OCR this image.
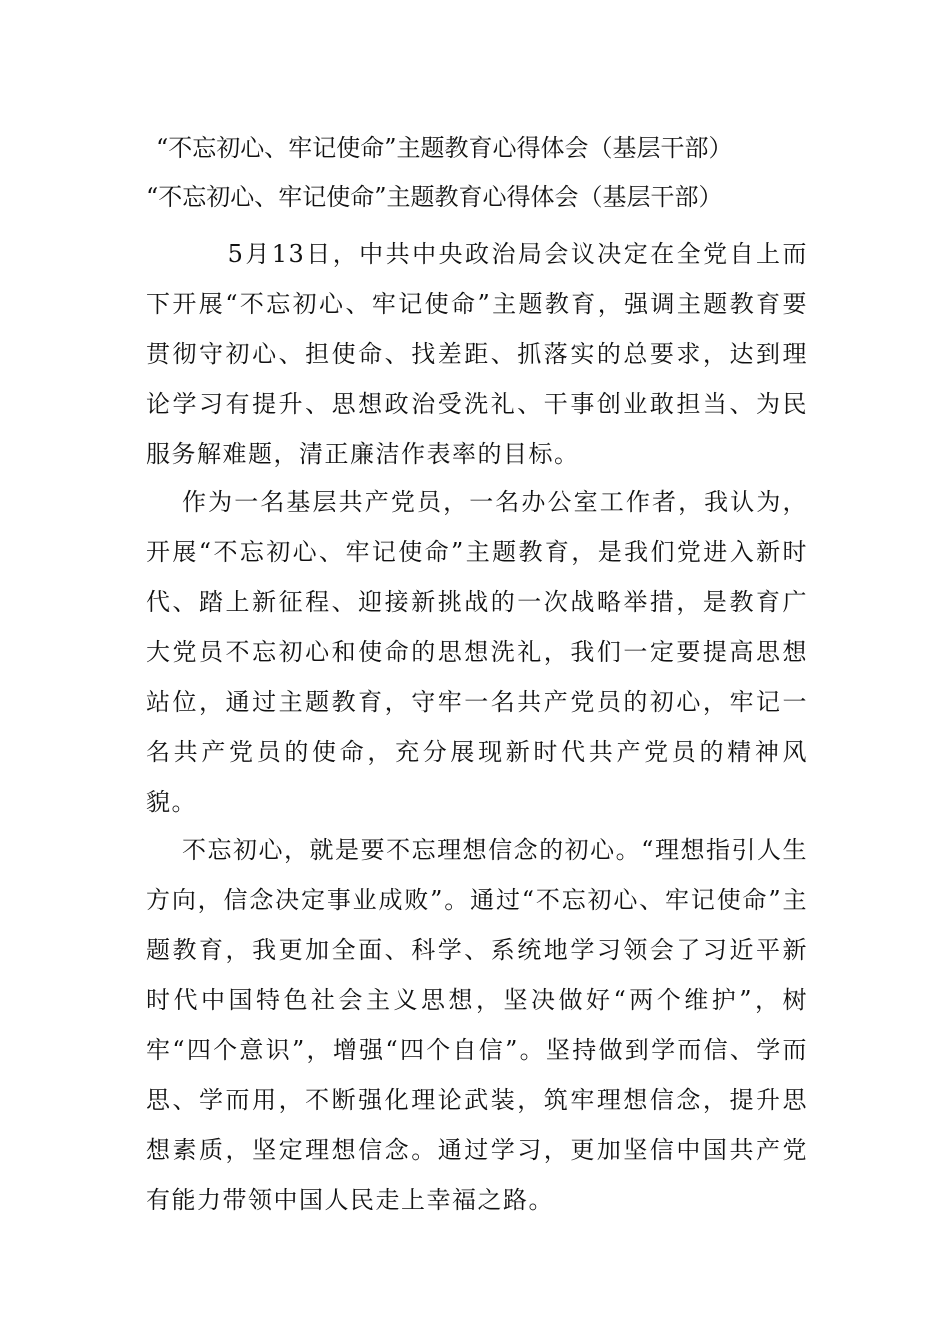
“不忘初心、牢记使命”主题教育心得体会（基层干部）
“不忘初心、牢记使命”主题教育心得体会（基层干部）

5月13日，中共中央政治局会议决定在全党自上而下开展“不忘初心、牢记使命”主题教育，强调主题教育要贯彻守初心、担使命、找差距、抓落实的总要求，达到理论学习有提升、思想政治受洗礼、干事创业敢担当、为民服务解难题，清正廉洁作表率的目标。

作为一名基层共产党员，一名办公室工作者，我认为，开展“不忘初心、牢记使命”主题教育，是我们党进入新时代、踏上新征程、迎接新挑战的一次战略举措，是教育广大党员不忘初心和使命的思想洗礼，我们一定要提高思想站位，通过主题教育，守牢一名共产党员的初心，牢记一名共产党员的使命，充分展现新时代共产党员的精神风貌。

不忘初心，就是要不忘理想信念的初心。“理想指引人生方向，信念决定事业成败”。通过“不忘初心、牢记使命”主题教育，我更加全面、科学、系统地学习领会了习近平新时代中国特色社会主义思想，坚决做好“两个维护”，树牢“四个意识”，增强“四个自信”。坚持做到学而信、学而思、学而用，不断强化理论武装，筑牢理想信念，提升思想素质，坚定理想信念。通过学习，更加坚信中国共产党有能力带领中国人民走上幸福之路。
